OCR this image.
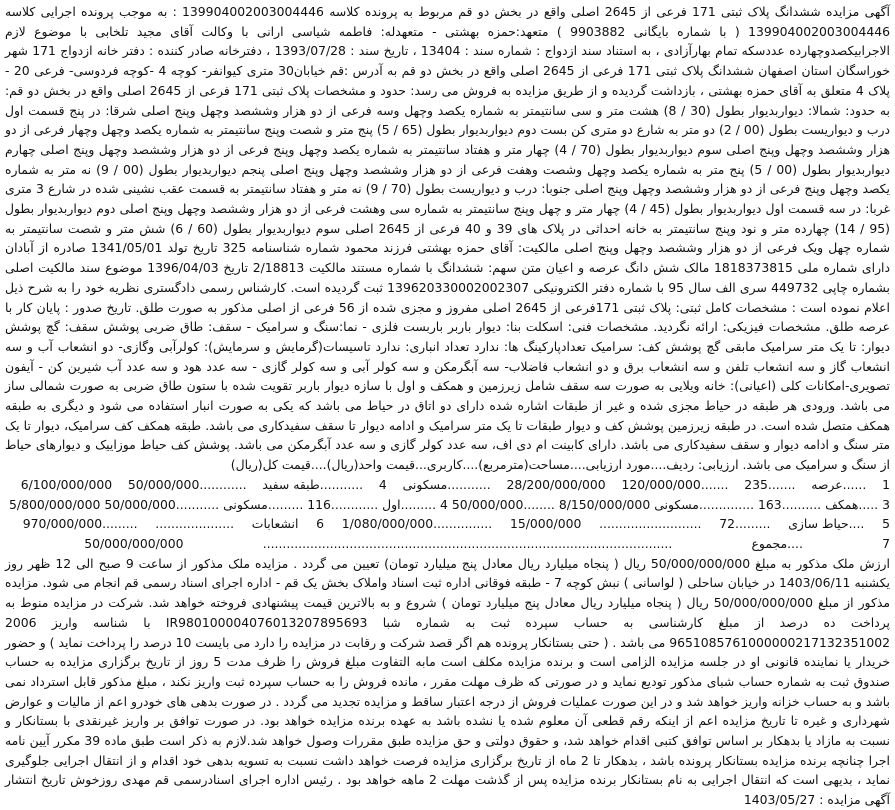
آگهی مزایده ششدانگ پلاک ثبتی 171 فرعی از 2645 اصلی واقع در بخش دو قم مربوط به پرونده کلاسه 139904002003004446 : به موجب پرونده اجرایی کلاسه 139904002003004446 ( با شماره بایگانی 9903882 ) متعهد:حمزه بهشتی - متعهدله: فاطمه شیاسی ارانی با وکالت آقای مجید تلخابی با موضوع لازم الاجرابیکصدوچهارده عددسکه تمام بهارآزادی ، به استناد سند ازدواج : شماره سند : 13404 ، تاریخ سند : 1393/07/28 ، دفترخانه صادر کننده : دفتر خانه ازدواج 171 شهر خوراسگان استان اصفهان ششدانگ پلاک ثبتی 171 فرعی از 2645 اصلی واقع در بخش دو قم به آدرس :قم خیابان30 متری کیوانفر- کوچه 4 -کوچه فردوسی- فرعی 20 - پلاک 4 متعلق به آقای حمزه بهشتی ، بازداشت گردیده و از طریق مزایده به فروش می رسد: حدود و مشخصات پلاک ثبتی 171 فرعی از 2645 اصلی واقع در بخش دو قم: به حدود: شمالا: دیواربدیوار بطول (30 / 8) هشت متر و سی سانتیمتر به شماره یکصد وچهل وسه فرعی از دو هزار وششصد وچهل وپنج اصلی شرقا: در پنج قسمت اول درب و دیواریست بطول (00 / 2) دو متر به شارع دو متری کن بست دوم دیواربدیوار بطول (65 / 5) پنج متر و شصت وپنج سانتیمتر به شماره یکصد وچهل وچهار فرعی از دو هزار وششصد وچهل وپنج اصلی سوم دیواربدیوار بطول (70 / 4) چهار متر و هفتاد سانتیمتر به شماره یکصد وچهل وپنج فرعی از دو هزار وششصد وچهل وپنج اصلی چهارم دیواربدیوار بطول (00 / 5) پنج متر به شماره یکصد وچهل وشصت وهفت فرعی از دو هزار وششصد وچهل وپنج اصلی پنجم دیواربدیوار بطول (00 / 9) نه متر به شماره یکصد وچهل وپنج فرعی از دو هزار وششصد وچهل وپنج اصلی جنوبا: درب و دیواریست بطول (70 / 9) نه متر و هفتاد سانتیمتر به قسمت عقب نشینی شده در شارع 3 متری غربا: در سه قسمت اول دیواربدیوار بطول (45 / 4) چهار متر و چهل وپنج سانتیمتر به شماره سی وهشت فرعی از دو هزار وششصد وچهل وپنج اصلی دوم دیواربدیوار بطول (95 / 14) چهارده متر و نود وپنج سانتیمتر به خانه احداثی در پلاک های 39 و 40 فرعی از 2645 اصلی سوم دیواربدیوار بطول (60 / 6) شش متر و شصت سانتیمتر به شماره چهل ویک فرعی از دو هزار وششصد وچهل وپنج اصلی مالکیت: آقای حمزه بهشتی فرزند محمود شماره شناسنامه 325 تاریخ تولد 1341/05/01 صادره از آبادان دارای شماره ملی 1818373815 مالک شش دانگ عرصه و اعیان متن سهم: ششدانگ با شماره مستند مالکیت 2/18813 تاریخ 1396/04/03 موضوع سند مالکیت اصلی بشماره چاپی 449732 سری الف سال 95 با شماره دفتر الکترونیکی 139620330002002307 ثبت گردیده است. کارشناس رسمی دادگستری نظریه خود را به شرح ذیل اعلام نموده است : مشخصات کامل ثبتی: پلاک ثبتی 171فرعی از 2645 اصلی مفروز و مجزی شده از 56 فرعی از اصلی مذکور به صورت طلق. تاریخ صدور : پایان کار با عرصه طلق. مشخصات فیزیکی: ارائه نگردید. مشخصات فنی: اسکلت بنا: دیوار باربر باربست فلزی - نما:سنگ و سرامیک - سقف: طاق ضربی پوشش سقف: گچ پوشش دیوار: تا یک متر سرامیک مابقی گچ پوشش کف: سرامیک تعدادپارکینگ ها: ندارد تعداد انباری: ندارد تاسیسات(گرمایش و سرمایش): کولرآبی وگازی- دو انشعاب آب و سه انشعاب گاز و سه انشعاب تلفن و سه انشعاب برق و دو انشعاب فاضلاب- سه آبگرمکن و سه کولر آبی و سه کولر گازی - سه عدد هود و سه عدد آب شیرین کن - آیفون تصویری-امکانات کلی (اعیانی): خانه ویلایی به صورت سه سقف شامل زیرزمین و همکف و اول با سازه دیوار باربر تقویت شده با ستون طاق ضربی به صورت شمالی ساز می باشد. ورودی هر طبقه در حیاط مجزی شده و غیر از طبقات اشاره شده دارای دو اتاق در حیاط می باشد که یکی به صورت انبار استفاده می شود و دیگری به طبقه همکف متصل شده است. در طبقه زیرزمین پوشش کف و دیوار طبقات تا یک متر سرامیک و ادامه دیوار تا سقف سفیدکاری می باشد. طبقه همکف کف سرامیک، دیوار تا یک متر سنگ و ادامه دیوار و سقف سفیدکاری می باشد. دارای کابینت ام دی اف، سه عدد کولر گازی و سه عدد آبگرمکن می باشد. پوشش کف حیاط موزاییک و دیوارهای حیاط از سنگ و سرامیک می باشد. ارزیابی: ردیف....مورد ارزیابی....مساحت(مترمربع)....کاربری...قیمت واحد(ریال)....قیمت کل(ریال)

1
......عرصه
.......235
.......120/000/000
28/200/000/000
...........مسکونی
4
...........طبقه سفید
............50/000/000
6/100/000/000
3
.....همکف
..........163
..............مسکونی
8/150/000/000
........50/000/000
4
.........اول
............116
.........مسکونی
...........50/000/000
5/800/000/000
5
....حیاط سازی
.........72
..........................
15/000/000
...............1/080/000/000
6
انشعابات
....................
.........970/000/000
7
....مجموع
........................................................................................................
50/000/000/000

ارزش ملک مذکور به مبلغ 50/000/000/000 ریال ( پنجاه میلیارد ریال معادل پنج میلیارد تومان) تعیین می گردد . مزایده ملک مذکور از ساعت 9 صبح الی 12 ظهر روز یکشنبه 1403/06/11 در خیابان ساحلی ( لواسانی ) نبش کوچه 7 - طبقه فوقانی اداره ثبت اسناد واملاک بخش یک قم - اداره اجرای اسناد رسمی قم انجام می شود. مزایده مذکور از مبلغ 50/000/000/000 ریال ( پنجاه میلیارد ریال معادل پنج میلیارد تومان ) شروع و به بالاترین قیمت پیشنهادی فروخته خواهد شد. شرکت در مزایده منوط به پرداخت ده درصد از مبلغ کارشناسی به حساب سپرده ثبت به شماره شبا IR980100004076013207895693 با شناسه واریز 2006 9651085761000000217132351002 می باشد . ( حتی بستانکار پرونده هم اگر قصد شرکت و رقابت در مزایده را دارد می بایست 10 درصد را پرداخت نماید ) و حضور خریدار یا نماینده قانونی او در جلسه مزایده الزامی است و برنده مزایده مکلف است مابه التفاوت مبلغ فروش را ظرف مدت 5 روز از تاریخ برگزاری مزایده به حساب صندوق ثبت به شماره حساب شبای مذکور تودیع نماید و در صورتی که ظرف مهلت مقرر ، مانده فروش را به حساب سپرده ثبت واریز نکند ، مبلغ مذکور قابل استرداد نمی باشد و به حساب خزانه واریز خواهد شد و در این صورت عملیات فروش از درجه اعتبار ساقط و مزایده تجدید می گردد . در صورت بدهی های خودرو اعم از مالیات و عوارض شهرداری و غیره تا تاریخ مزایده اعم از اینکه رقم قطعی آن معلوم شده یا نشده باشد به عهده برنده مزایده خواهد بود. در صورت توافق بر واریز غیرنقدی با بستانکار و نسبت به مازاد یا بدهکار بر اساس توافق کتبی اقدام خواهد شد، و حقوق دولتی و حق مزایده طبق مقررات وصول خواهد شد.لازم به ذکر است طبق ماده 39 مکرر آیین نامه اجرا چنانچه برنده مزایده بستانکار پرونده باشد ، بدهکار تا 2 ماه از تاریخ برگزاری مزایده فرصت خواهد داشت نسبت به تسویه بدهی خود اقدام و از انتقال اجرایی جلوگیری نماید ، بدیهی است که انتقال اجرایی به نام بستانکار برنده مزایده پس از گذشت مهلت 2 ماهه خواهد بود . رئیس اداره اجرای اسنادرسمی قم مهدی روزخوش تاریخ انتشار آگهی مزایده : 1403/05/27
